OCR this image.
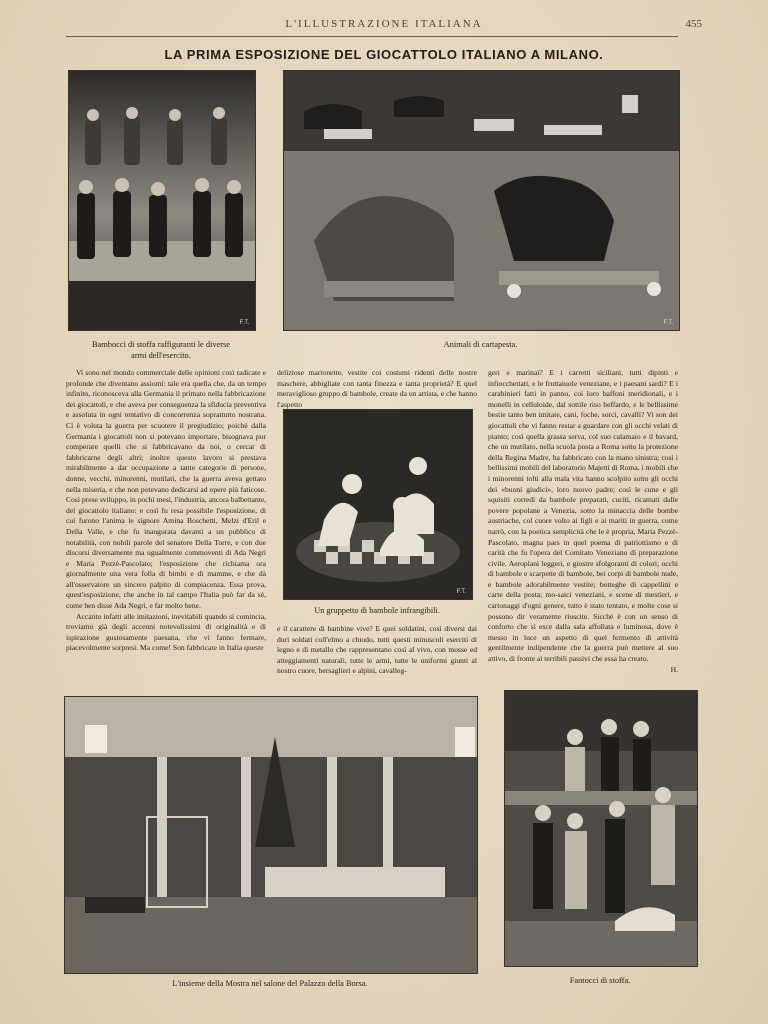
L'ILLUSTRAZIONE ITALIANA	455
LA PRIMA ESPOSIZIONE DEL GIOCATTOLO ITALIANO A MILANO.
F.T.
Bambocci di stoffa raffiguranti le diverse armi dell'esercito.
F.T.
Animali di cartapesta.

Vi sono nel mondo commerciale delle opinioni così radicate e profonde che diventano assiomi: tale era quella che, da un tempo infinito, riconosceva alla Germania il primato nella fabbricazione dei giocattoli, e che aveva per conseguenza la sfiducia preventiva e assoluta in ogni tentativo di concorrenza soprattutto nostrana. Ci è voluta la guerra per scuotere il pregiudizio; poichè dalla Germania i giocattoli non si potevano importare, bisognava pur comperare quelli che si fabbricavano da noi, o cercar di fabbricarne degli altri; inoltre questo lavoro si prestava mirabilmente a dar occupazione a tante categorie di persone, donne, vecchi, minorenni, mutilati, che la guerra aveva gettato nella miseria, e che non potevano dedicarsi ad opere più faticose. Così prese sviluppo, in pochi mesi, l'industria, ancora balbettante, del giocattolo italiano: e così fu resa possibile l'esposizione, di cui furono l'anima le signore Amina Boschetti, Melzi d'Eril e Della Valle, e che fu inaugurata davanti a un pubblico di notabilità, con nobili parole del senatore Della Torre, e con due discorsi diversamente ma ugualmente commoventi di Ada Negri e Maria Pezzè-Pascolato; l'esposizione che richiama ora giornalmente una vera folla di bimbi e di mamme, e che dà all'osservatore un sincero palpito di compiacenza. Essa prova, quest'esposizione, che anche in tal campo l'Italia può far da sè, come ben disse Ada Negri, e far molto bene.

Accanto infatti alle imitazioni, inevitabili quando si comincia, troviamo già degli accenni notevolissimi di originalità e di ispirazione gustosamente paesana, che vi fanno fermare, piacevolmente sorpresi. Ma come! Son fabbricate in Italia queste

deliziose marionette, vestite coi costumi ridenti delle nostre maschere, abbigliate con tanta finezza e tanta proprietà? E quel meraviglioso gruppo di bambole, create da un artista, e che hanno l'aspetto

F.T.
Un gruppetto di bambole infrangibili.

e il carattere di bambine vive? E quei soldatini, così diversi dai duri soldati coll'elmo a chiodo, tutti questi minuscoli eserciti di legno e di metallo che rappresentano così al vivo, con mosse ed atteggiamenti naturali, tutte le armi, tutte le uniformi giunti al nostro cuore, bersaglieri e alpini, cavalleg-

geri e marinai? E i carretti siciliani, tutti dipinti e infiocchettati, e le fruttaiuole veneziane, e i paesani sardi? E i carabinieri fatti in panno, coi loro baffoni meridionali, e i monelli in celluloide, dal sottile riso beffardo, e le bellissime bestie tanto ben imitate, cani, foche, sorci, cavalli? Vi son dei giocattoli che vi fanno restar a guardare con gli occhi velati di pianto; così quella grassa serva, col suo calamaio e il bavard, che un mutilato, nella scuola posta a Roma sotto la protezione della Regina Madre, ha fabbricato con la mano sinistra; così i bellissimi mobili del laboratorio Majetti di Roma, i mobili che i minorenni tolti alla mala vita hanno scolpito sotto gli occhi dei «buoni giudici», loro nuovo padre; così le cune e gli squisiti corredi da bambole preparati, cuciti, ricamati dalle povere popolane a Venezia, sotto la minaccia delle bombe austriache, col cuore volto ai figli e ai mariti in guerra, come narrò, con la poetica semplicità che le è propria, Maria Pezzè-Pascolato, magna pars in quel poema di patriottismo e di carità che fu l'opera del Comitato Veneziano di preparazione civile. Aeroplani leggeri, e giostre sfolgoranti di colori; occhi di bambole e scarpette di bambole, bei corpi di bambole nude, e bambole adorabilmente vestite; botteghe di cappellini e carte della posta; mo-saici veneziani, e scene di mestieri, e cartonaggi d'ogni genere, tutto è stato tentato, e molte cose si possono dir veramente riuscite. Sicchè è con un senso di conforto che si esce dalla sala affollata e luminosa, dove è messo in luce un aspetto di quel fermento di attività gentilmente indipendente che la guerra può mettere al suo attivo, di fronte ai terribili passivi che essa ha creato.

H.

L'insieme della Mostra nel salone del Palazzo della Borsa.	Fantocci di stoffa.
